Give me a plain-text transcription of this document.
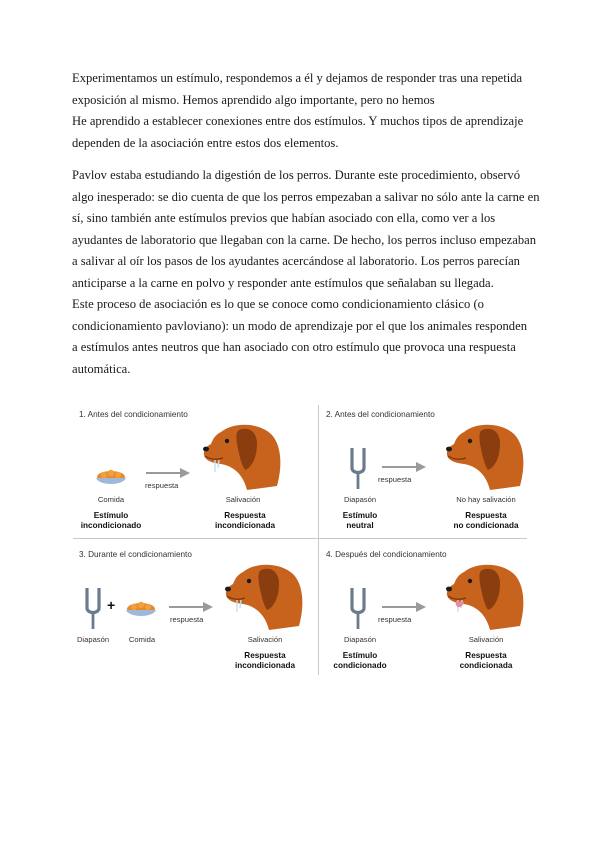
Experimentamos un estímulo, respondemos a él y dejamos de responder tras una repetida
exposición al mismo. Hemos aprendido algo importante, pero no hemos
He aprendido a establecer conexiones entre dos estímulos. Y muchos tipos de aprendizaje
dependen de la asociación entre estos dos elementos.
Pavlov estaba estudiando la digestión de los perros. Durante este procedimiento, observó
algo inesperado: se dio cuenta de que los perros empezaban a salivar no sólo ante la carne en
sí, sino también ante estímulos previos que habían asociado con ella, como ver a los
ayudantes de laboratorio que llegaban con la carne. De hecho, los perros incluso empezaban
a salivar al oír los pasos de los ayudantes acercándose al laboratorio. Los perros parecían
anticiparse a la carne en polvo y responder ante estímulos que señalaban su llegada.
Este proceso de asociación es lo que se conoce como condicionamiento clásico (o
condicionamiento pavloviano): un modo de aprendizaje por el que los animales responden
a estímulos antes neutros que han asociado con otro estímulo que provoca una respuesta
automática.
1. Antes del condicionamiento
respuesta
Comida	Salivación
Estímulo
incondicionado
Respuesta
incondicionada
2. Antes del condicionamiento
respuesta
Diapasón	No hay salivación
Estímulo
neutral
Respuesta
no condicionada
3. Durante el condicionamiento
+
respuesta
Diapasón	Comida	Salivación
Respuesta
incondicionada
4. Después del condicionamiento
respuesta
Diapasón	Salivación
Estímulo
condicionado
Respuesta
condicionada
